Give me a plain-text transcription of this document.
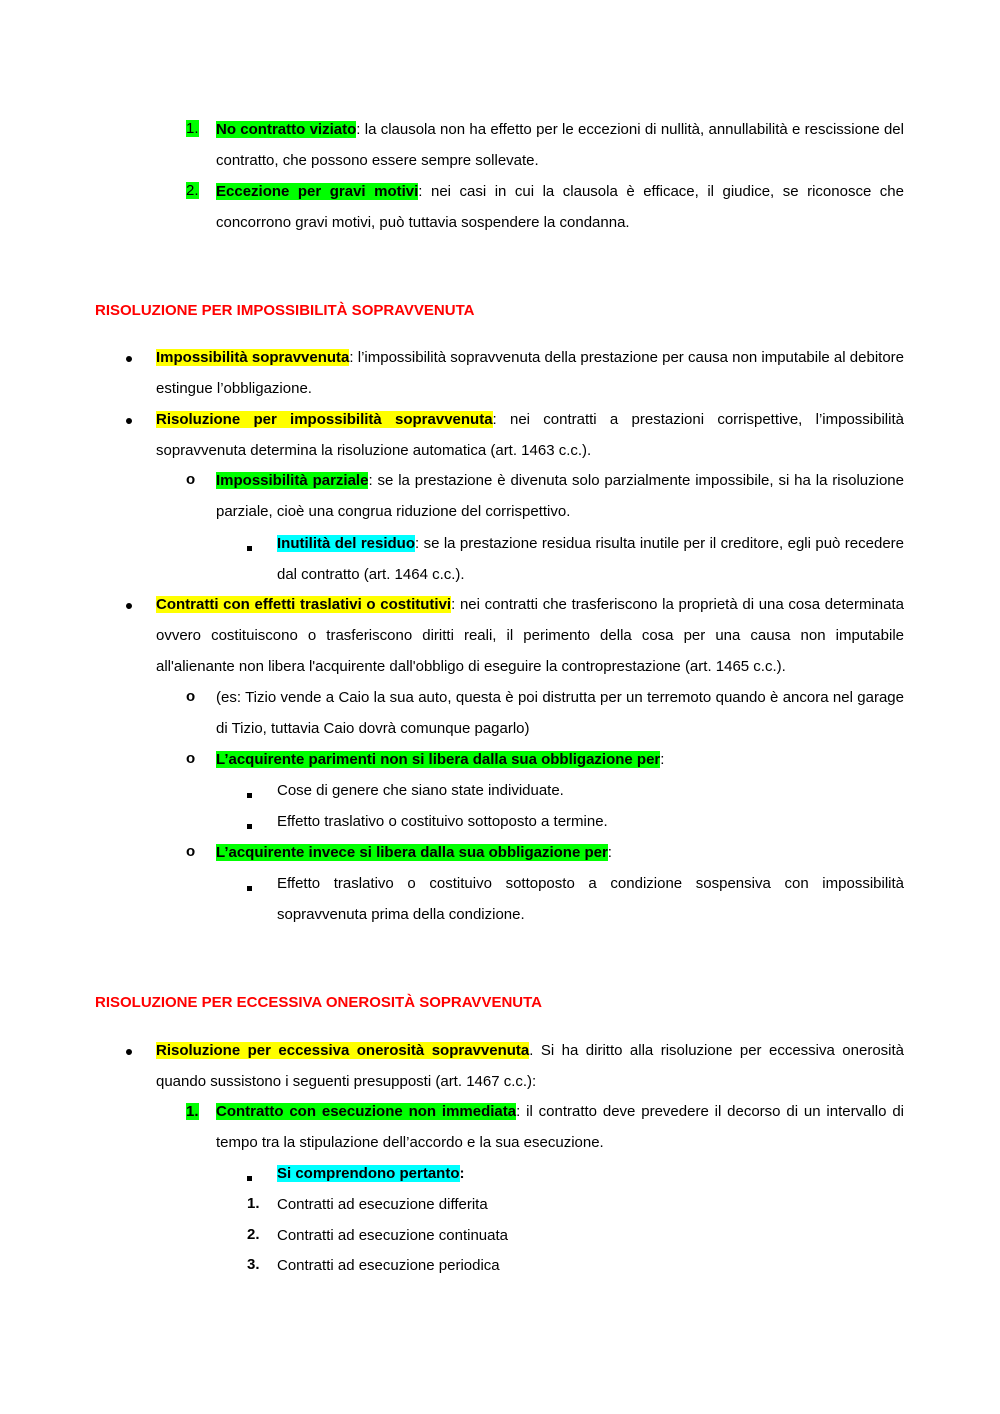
1. No contratto viziato: la clausola non ha effetto per le eccezioni di nullità, annullabilità e rescissione del contratto, che possono essere sempre sollevate.
2. Eccezione per gravi motivi: nei casi in cui la clausola è efficace, il giudice, se riconosce che concorrono gravi motivi, può tuttavia sospendere la condanna.
RISOLUZIONE PER IMPOSSIBILITÀ SOPRAVVENUTA
Impossibilità sopravvenuta: l’impossibilità sopravvenuta della prestazione per causa non imputabile al debitore estingue l’obbligazione.
Risoluzione per impossibilità sopravvenuta: nei contratti a prestazioni corrispettive, l’impossibilità sopravvenuta determina la risoluzione automatica (art. 1463 c.c.).
o Impossibilità parziale: se la prestazione è divenuta solo parzialmente impossibile, si ha la risoluzione parziale, cioè una congrua riduzione del corrispettivo.
Inutilità del residuo: se la prestazione residua risulta inutile per il creditore, egli può recedere dal contratto (art. 1464 c.c.).
Contratti con effetti traslativi o costitutivi: nei contratti che trasferiscono la proprietà di una cosa determinata ovvero costituiscono o trasferiscono diritti reali, il perimento della cosa per una causa non imputabile all'alienante non libera l'acquirente dall'obbligo di eseguire la controprestazione (art. 1465 c.c.).
o (es: Tizio vende a Caio la sua auto, questa è poi distrutta per un terremoto quando è ancora nel garage di Tizio, tuttavia Caio dovrà comunque pagarlo)
o L’acquirente parimenti non si libera dalla sua obbligazione per:
Cose di genere che siano state individuate.
Effetto traslativo o costituivo sottoposto a termine.
o L’acquirente invece si libera dalla sua obbligazione per:
Effetto traslativo o costituivo sottoposto a condizione sospensiva con impossibilità sopravvenuta prima della condizione.
RISOLUZIONE PER ECCESSIVA ONEROSITÀ SOPRAVVENUTA
Risoluzione per eccessiva onerosità sopravvenuta. Si ha diritto alla risoluzione per eccessiva onerosità quando sussistono i seguenti presupposti (art. 1467 c.c.):
1. Contratto con esecuzione non immediata: il contratto deve prevedere il decorso di un intervallo di tempo tra la stipulazione dell’accordo e la sua esecuzione.
Si comprendono pertanto:
1. Contratti ad esecuzione differita
2. Contratti ad esecuzione continuata
3. Contratti ad esecuzione periodica
